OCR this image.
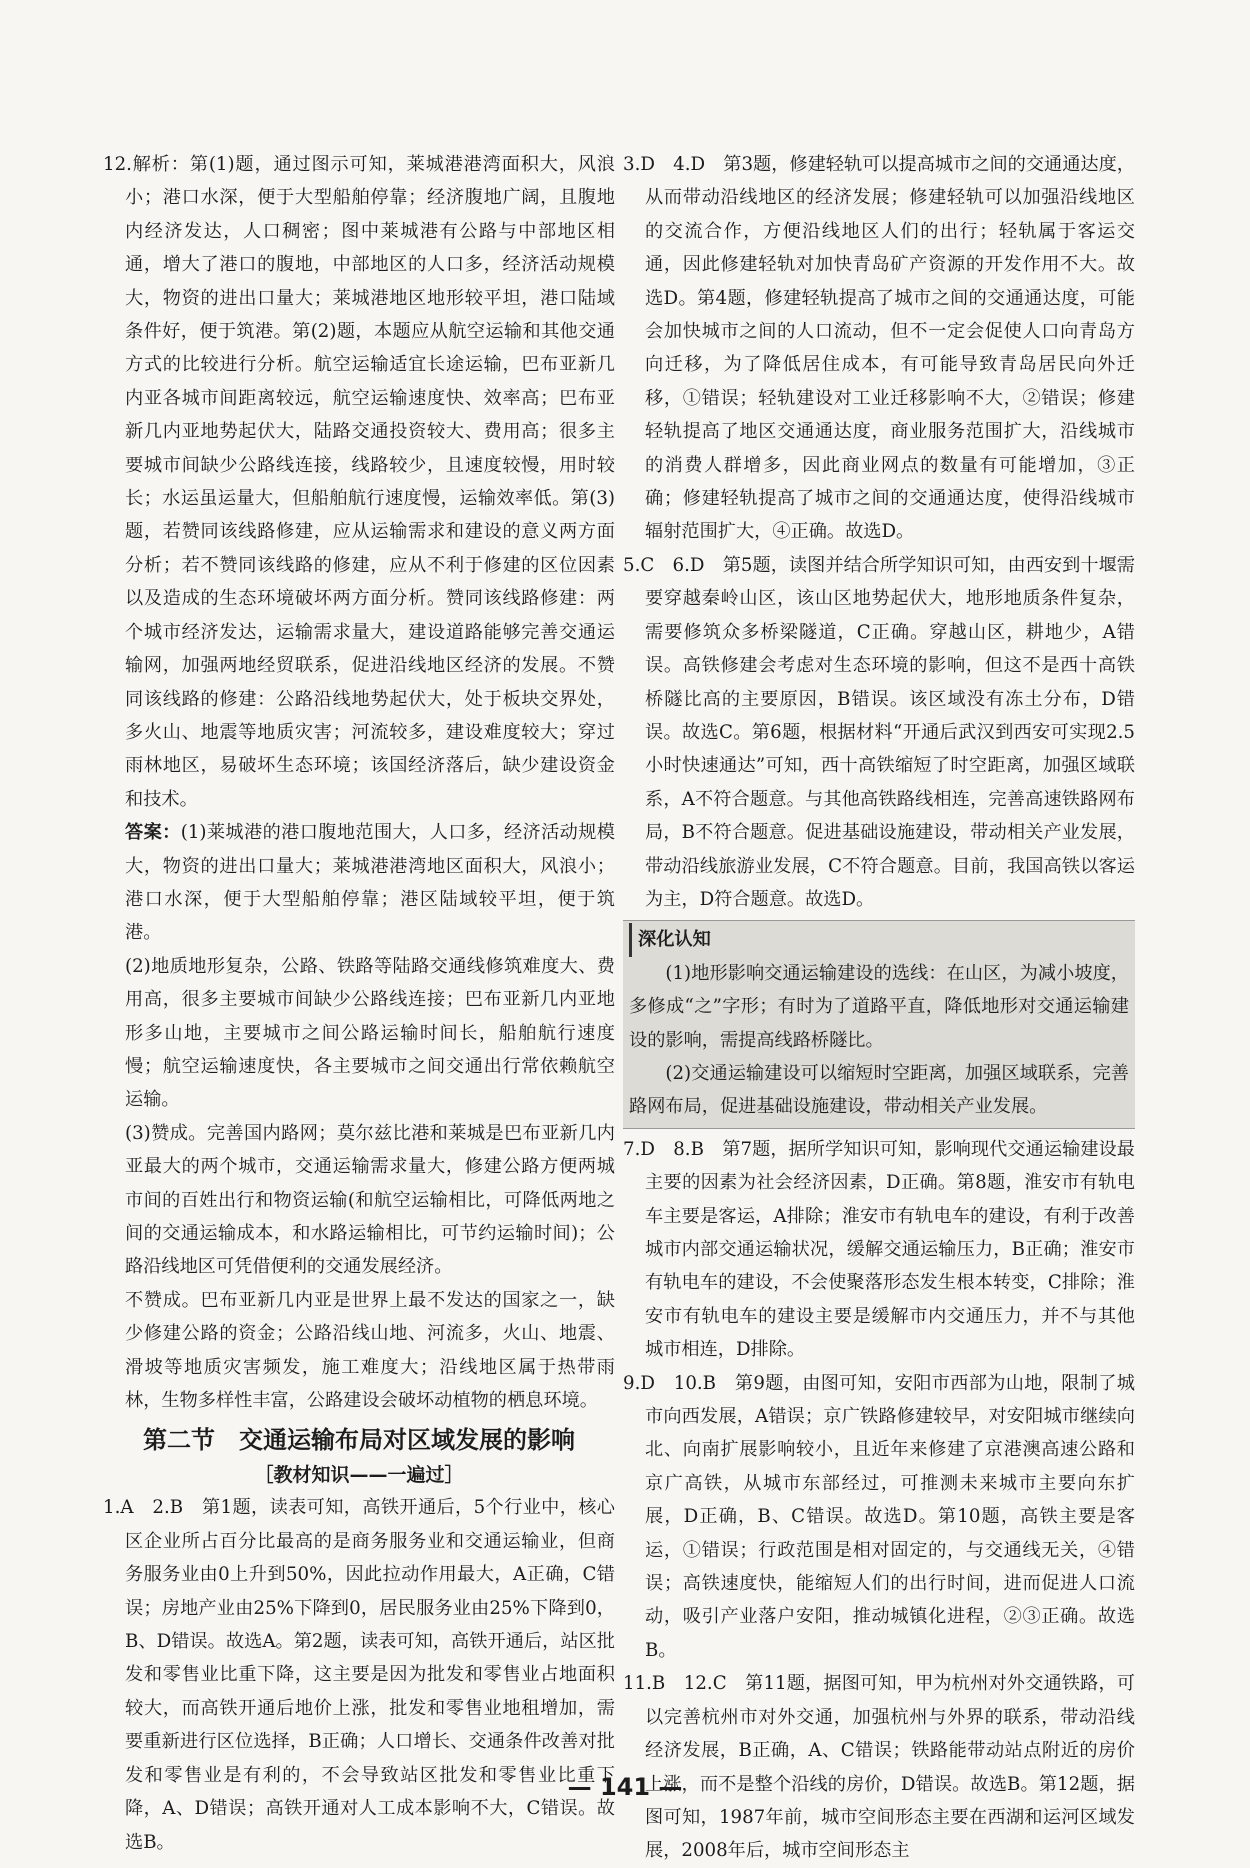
12.解析：第(1)题，通过图示可知，莱城港港湾面积大，风浪小；港口水深，便于大型船舶停靠；经济腹地广阔，且腹地内经济发达，人口稠密；图中莱城港有公路与中部地区相通，增大了港口的腹地，中部地区的人口多，经济活动规模大，物资的进出口量大；莱城港地区地形较平坦，港口陆域条件好，便于筑港。第(2)题，本题应从航空运输和其他交通方式的比较进行分析。航空运输适宜长途运输，巴布亚新几内亚各城市间距离较远，航空运输速度快、效率高；巴布亚新几内亚地势起伏大，陆路交通投资较大、费用高；很多主要城市间缺少公路线连接，线路较少，且速度较慢，用时较长；水运虽运量大，但船舶航行速度慢，运输效率低。第(3)题，若赞同该线路修建，应从运输需求和建设的意义两方面分析；若不赞同该线路的修建，应从不利于修建的区位因素以及造成的生态环境破坏两方面分析。赞同该线路修建：两个城市经济发达，运输需求量大，建设道路能够完善交通运输网，加强两地经贸联系，促进沿线地区经济的发展。不赞同该线路的修建：公路沿线地势起伏大，处于板块交界处，多火山、地震等地质灾害；河流较多，建设难度较大；穿过雨林地区，易破坏生态环境；该国经济落后，缺少建设资金和技术。

答案：(1)莱城港的港口腹地范围大，人口多，经济活动规模大，物资的进出口量大；莱城港港湾地区面积大，风浪小；港口水深，便于大型船舶停靠；港区陆域较平坦，便于筑港。

(2)地质地形复杂，公路、铁路等陆路交通线修筑难度大、费用高，很多主要城市间缺少公路线连接；巴布亚新几内亚地形多山地，主要城市之间公路运输时间长，船舶航行速度慢；航空运输速度快，各主要城市之间交通出行常依赖航空运输。

(3)赞成。完善国内路网；莫尔兹比港和莱城是巴布亚新几内亚最大的两个城市，交通运输需求量大，修建公路方便两城市间的百姓出行和物资运输(和航空运输相比，可降低两地之间的交通运输成本，和水路运输相比，可节约运输时间)；公路沿线地区可凭借便利的交通发展经济。

不赞成。巴布亚新几内亚是世界上最不发达的国家之一，缺少修建公路的资金；公路沿线山地、河流多，火山、地震、滑坡等地质灾害频发，施工难度大；沿线地区属于热带雨林，生物多样性丰富，公路建设会破坏动植物的栖息环境。

第二节　交通运输布局对区域发展的影响
［教材知识——一遍过］

1.A　2.B　第1题，读表可知，高铁开通后，5个行业中，核心区企业所占百分比最高的是商务服务业和交通运输业，但商务服务业由0上升到50%，因此拉动作用最大，A正确，C错误；房地产业由25%下降到0，居民服务业由25%下降到0，B、D错误。故选A。第2题，读表可知，高铁开通后，站区批发和零售业比重下降，这主要是因为批发和零售业占地面积较大，而高铁开通后地价上涨，批发和零售业地租增加，需要重新进行区位选择，B正确；人口增长、交通条件改善对批发和零售业是有利的，不会导致站区批发和零售业比重下降，A、D错误；高铁开通对人工成本影响不大，C错误。故选B。

3.D　4.D　第3题，修建轻轨可以提高城市之间的交通通达度，从而带动沿线地区的经济发展；修建轻轨可以加强沿线地区的交流合作，方便沿线地区人们的出行；轻轨属于客运交通，因此修建轻轨对加快青岛矿产资源的开发作用不大。故选D。第4题，修建轻轨提高了城市之间的交通通达度，可能会加快城市之间的人口流动，但不一定会促使人口向青岛方向迁移，为了降低居住成本，有可能导致青岛居民向外迁移，①错误；轻轨建设对工业迁移影响不大，②错误；修建轻轨提高了地区交通通达度，商业服务范围扩大，沿线城市的消费人群增多，因此商业网点的数量有可能增加，③正确；修建轻轨提高了城市之间的交通通达度，使得沿线城市辐射范围扩大，④正确。故选D。

5.C　6.D　第5题，读图并结合所学知识可知，由西安到十堰需要穿越秦岭山区，该山区地势起伏大，地形地质条件复杂，需要修筑众多桥梁隧道，C正确。穿越山区，耕地少，A错误。高铁修建会考虑对生态环境的影响，但这不是西十高铁桥隧比高的主要原因，B错误。该区域没有冻土分布，D错误。故选C。第6题，根据材料“开通后武汉到西安可实现2.5小时快速通达”可知，西十高铁缩短了时空距离，加强区域联系，A不符合题意。与其他高铁路线相连，完善高速铁路网布局，B不符合题意。促进基础设施建设，带动相关产业发展，带动沿线旅游业发展，C不符合题意。目前，我国高铁以客运为主，D符合题意。故选D。

深化认知

(1)地形影响交通运输建设的选线：在山区，为减小坡度，多修成“之”字形；有时为了道路平直，降低地形对交通运输建设的影响，需提高线路桥隧比。

(2)交通运输建设可以缩短时空距离，加强区域联系，完善路网布局，促进基础设施建设，带动相关产业发展。

7.D　8.B　第7题，据所学知识可知，影响现代交通运输建设最主要的因素为社会经济因素，D正确。第8题，淮安市有轨电车主要是客运，A排除；淮安市有轨电车的建设，有利于改善城市内部交通运输状况，缓解交通运输压力，B正确；淮安市有轨电车的建设，不会使聚落形态发生根本转变，C排除；淮安市有轨电车的建设主要是缓解市内交通压力，并不与其他城市相连，D排除。

9.D　10.B　第9题，由图可知，安阳市西部为山地，限制了城市向西发展，A错误；京广铁路修建较早，对安阳城市继续向北、向南扩展影响较小，且近年来修建了京港澳高速公路和京广高铁，从城市东部经过，可推测未来城市主要向东扩展，D正确，B、C错误。故选D。第10题，高铁主要是客运，①错误；行政范围是相对固定的，与交通线无关，④错误；高铁速度快，能缩短人们的出行时间，进而促进人口流动，吸引产业落户安阳，推动城镇化进程，②③正确。故选B。

11.B　12.C　第11题，据图可知，甲为杭州对外交通铁路，可以完善杭州市对外交通，加强杭州与外界的联系，带动沿线经济发展，B正确，A、C错误；铁路能带动站点附近的房价上涨，而不是整个沿线的房价，D错误。故选B。第12题，据图可知，1987年前，城市空间形态主要在西湖和运河区域发展，2008年后，城市空间形态主

— 141 —
